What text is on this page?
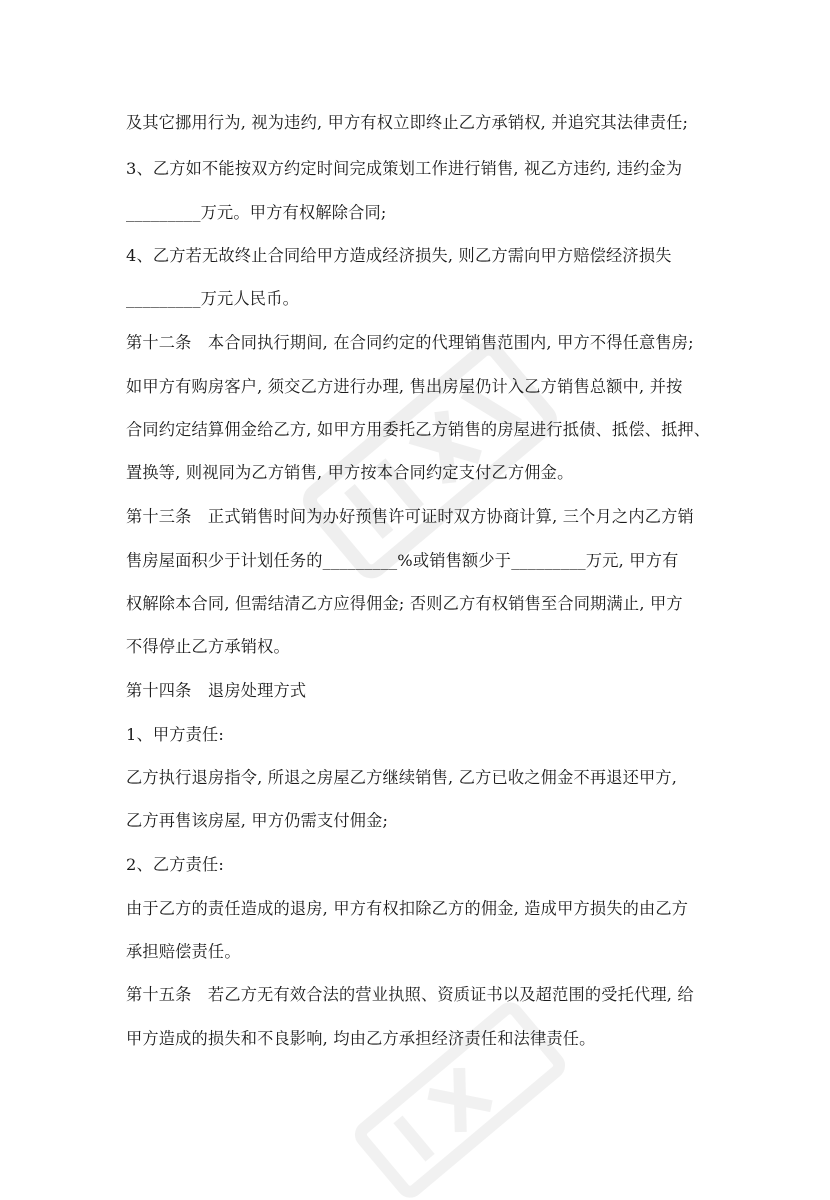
及其它挪用行为, 视为违约, 甲方有权立即终止乙方承销权, 并追究其法律责任;
3、乙方如不能按双方约定时间完成策划工作进行销售, 视乙方违约, 违约金为
_________万元。甲方有权解除合同;
4、乙方若无故终止合同给甲方造成经济损失, 则乙方需向甲方赔偿经济损失
_________万元人民币。
第十二条　本合同执行期间, 在合同约定的代理销售范围内, 甲方不得任意售房;
如甲方有购房客户, 须交乙方进行办理, 售出房屋仍计入乙方销售总额中, 并按
合同约定结算佣金给乙方, 如甲方用委托乙方销售的房屋进行抵债、抵偿、抵押、
置换等, 则视同为乙方销售, 甲方按本合同约定支付乙方佣金。
第十三条　正式销售时间为办好预售许可证时双方协商计算, 三个月之内乙方销
售房屋面积少于计划任务的_________%或销售额少于_________万元, 甲方有
权解除本合同, 但需结清乙方应得佣金; 否则乙方有权销售至合同期满止, 甲方
不得停止乙方承销权。
第十四条　退房处理方式
1、甲方责任:
乙方执行退房指令, 所退之房屋乙方继续销售, 乙方已收之佣金不再退还甲方,
乙方再售该房屋, 甲方仍需支付佣金;
2、乙方责任:
由于乙方的责任造成的退房, 甲方有权扣除乙方的佣金, 造成甲方损失的由乙方
承担赔偿责任。
第十五条　若乙方无有效合法的营业执照、资质证书以及超范围的受托代理, 给
甲方造成的损失和不良影响, 均由乙方承担经济责任和法律责任。
